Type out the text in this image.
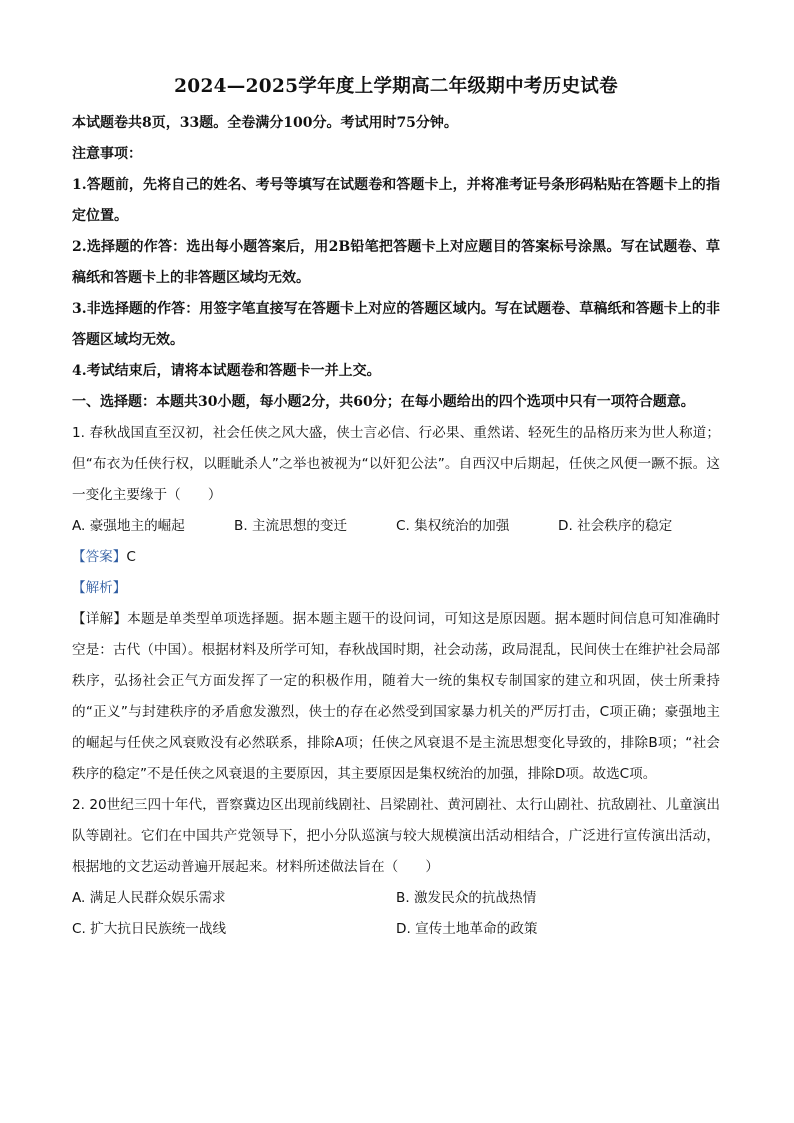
2024—2025学年度上学期高二年级期中考历史试卷

本试题卷共8页，33题。全卷满分100分。考试用时75分钟。

注意事项：

1.答题前，先将自己的姓名、考号等填写在试题卷和答题卡上，并将准考证号条形码粘贴在答题卡上的指定位置。

2.选择题的作答：选出每小题答案后，用2B铅笔把答题卡上对应题目的答案标号涂黑。写在试题卷、草稿纸和答题卡上的非答题区域均无效。

3.非选择题的作答：用签字笔直接写在答题卡上对应的答题区域内。写在试题卷、草稿纸和答题卡上的非答题区域均无效。

4.考试结束后，请将本试题卷和答题卡一并上交。

一、选择题：本题共30小题，每小题2分，共60分；在每小题给出的四个选项中只有一项符合题意。

1. 春秋战国直至汉初，社会任侠之风大盛，侠士言必信、行必果、重然诺、轻死生的品格历来为世人称道；但“布衣为任侠行权，以睚眦杀人”之举也被视为“以奸犯公法”。自西汉中后期起，任侠之风便一蹶不振。这一变化主要缘于（　　）

A. 豪强地主的崛起	B. 主流思想的变迁	C. 集权统治的加强	D. 社会秩序的稳定

【答案】C

【解析】

【详解】本题是单类型单项选择题。据本题主题干的设问词，可知这是原因题。据本题时间信息可知准确时空是：古代（中国）。根据材料及所学可知，春秋战国时期，社会动荡，政局混乱，民间侠士在维护社会局部秩序，弘扬社会正气方面发挥了一定的积极作用，随着大一统的集权专制国家的建立和巩固，侠士所秉持的“正义”与封建秩序的矛盾愈发激烈，侠士的存在必然受到国家暴力机关的严厉打击，C项正确；豪强地主的崛起与任侠之风衰败没有必然联系，排除A项；任侠之风衰退不是主流思想变化导致的，排除B项；“社会秩序的稳定”不是任侠之风衰退的主要原因，其主要原因是集权统治的加强，排除D项。故选C项。

2. 20世纪三四十年代，晋察冀边区出现前线剧社、吕梁剧社、黄河剧社、太行山剧社、抗敌剧社、儿童演出队等剧社。它们在中国共产党领导下，把小分队巡演与较大规模演出活动相结合，广泛进行宣传演出活动，根据地的文艺运动普遍开展起来。材料所述做法旨在（　　）

A. 满足人民群众娱乐需求	B. 激发民众的抗战热情
C. 扩大抗日民族统一战线	D. 宣传土地革命的政策
